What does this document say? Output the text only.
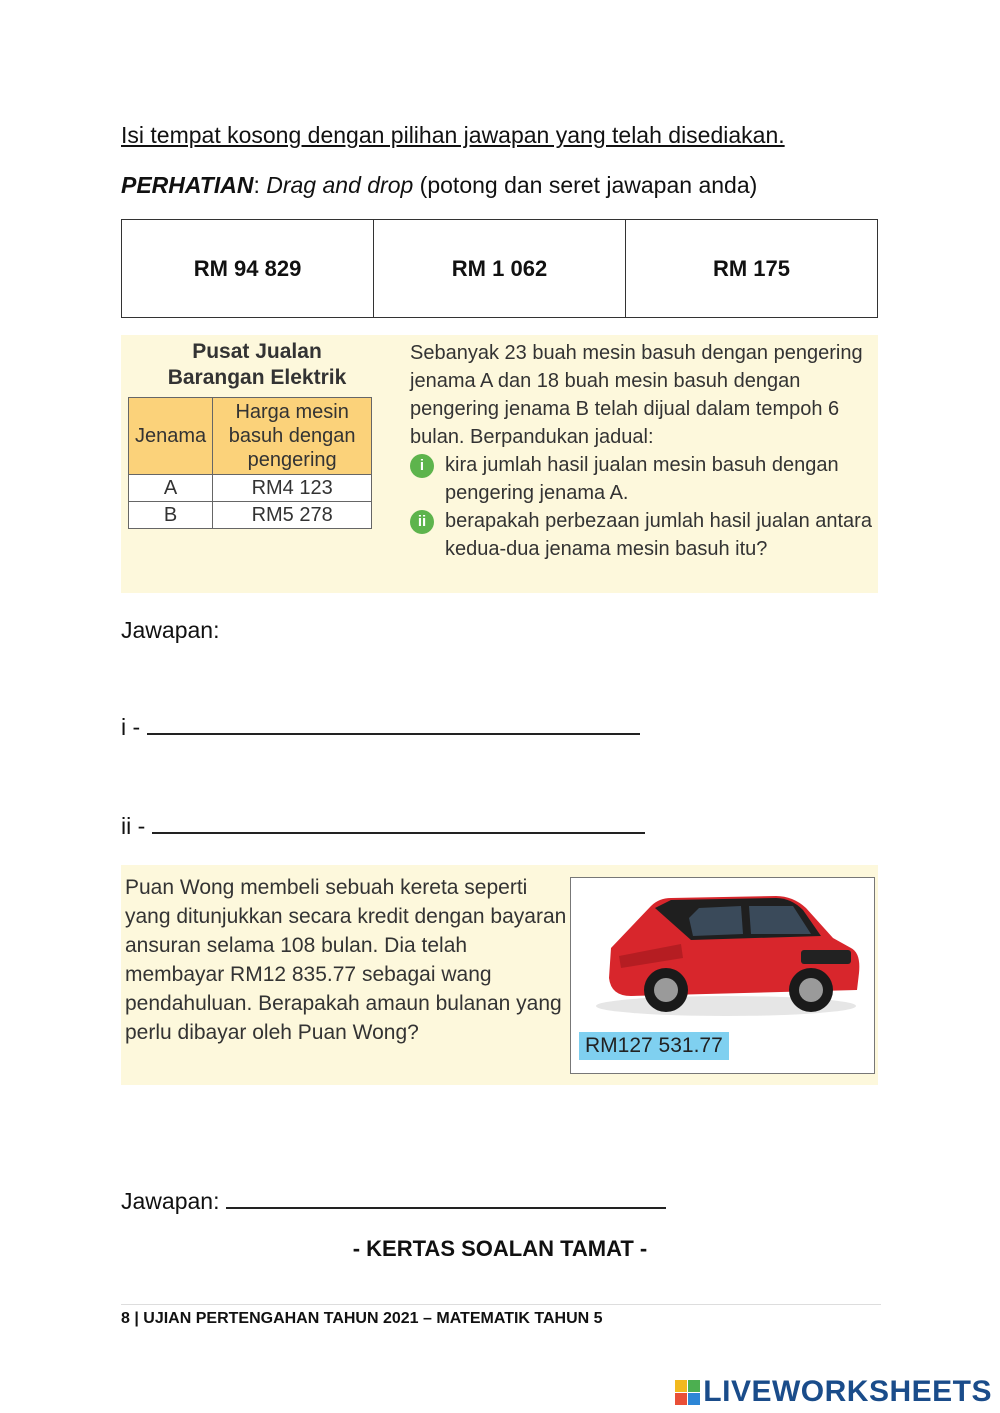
Isi tempat kosong dengan pilihan jawapan yang telah disediakan.
PERHATIAN: Drag and drop (potong dan seret jawapan anda)
RM 94 829	RM 1 062	RM 175
Pusat Jualan
Barangan Elektrik
Jenama	Harga mesin basuh dengan pengering
A	RM4 123
B	RM5 278
Sebanyak 23 buah mesin basuh dengan pengering jenama A dan 18 buah mesin basuh dengan pengering jenama B telah dijual dalam tempoh 6 bulan. Berpandukan jadual:
i	kira jumlah hasil jualan mesin basuh dengan pengering jenama A.
ii berapakah perbezaan jumlah hasil jualan antara kedua-dua jenama mesin basuh itu?
Jawapan:
i -
ii -
Puan Wong membeli sebuah kereta seperti yang ditunjukkan secara kredit dengan bayaran ansuran selama 108 bulan. Dia telah membayar RM12 835.77 sebagai wang pendahuluan. Berapakah amaun bulanan yang perlu dibayar oleh Puan Wong?
RM127 531.77
Jawapan:
- KERTAS SOALAN TAMAT -
8 | UJIAN PERTENGAHAN TAHUN 2021 – MATEMATIK TAHUN 5
LIVEWORKSHEETS
